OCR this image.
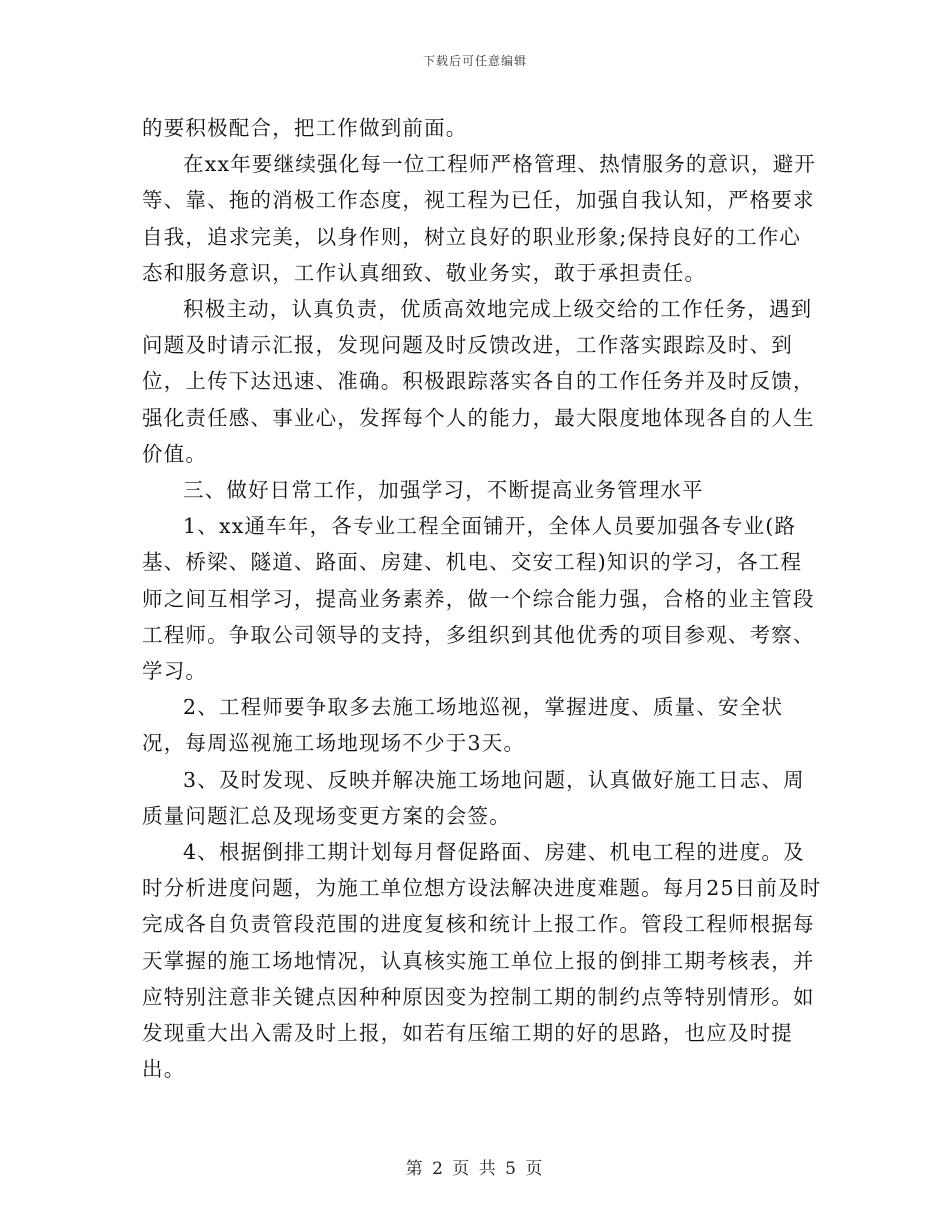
下载后可任意编辑

的要积极配合，把工作做到前面。

在xx年要继续强化每一位工程师严格管理、热情服务的意识，避开等、靠、拖的消极工作态度，视工程为已任，加强自我认知，严格要求自我，追求完美，以身作则，树立良好的职业形象;保持良好的工作心态和服务意识，工作认真细致、敬业务实，敢于承担责任。

积极主动，认真负责，优质高效地完成上级交给的工作任务，遇到问题及时请示汇报，发现问题及时反馈改进，工作落实跟踪及时、到位，上传下达迅速、准确。积极跟踪落实各自的工作任务并及时反馈，强化责任感、事业心，发挥每个人的能力，最大限度地体现各自的人生价值。

三、做好日常工作，加强学习，不断提高业务管理水平

1、xx通车年，各专业工程全面铺开，全体人员要加强各专业(路基、桥梁、隧道、路面、房建、机电、交安工程)知识的学习，各工程师之间互相学习，提高业务素养，做一个综合能力强，合格的业主管段工程师。争取公司领导的支持，多组织到其他优秀的项目参观、考察、学习。

2、工程师要争取多去施工场地巡视，掌握进度、质量、安全状况，每周巡视施工场地现场不少于3天。

3、及时发现、反映并解决施工场地问题，认真做好施工日志、周质量问题汇总及现场变更方案的会签。

4、根据倒排工期计划每月督促路面、房建、机电工程的进度。及时分析进度问题，为施工单位想方设法解决进度难题。每月25日前及时完成各自负责管段范围的进度复核和统计上报工作。管段工程师根据每天掌握的施工场地情况，认真核实施工单位上报的倒排工期考核表，并应特别注意非关键点因种种原因变为控制工期的制约点等特别情形。如发现重大出入需及时上报，如若有压缩工期的好的思路，也应及时提出。

第 2 页 共 5 页
